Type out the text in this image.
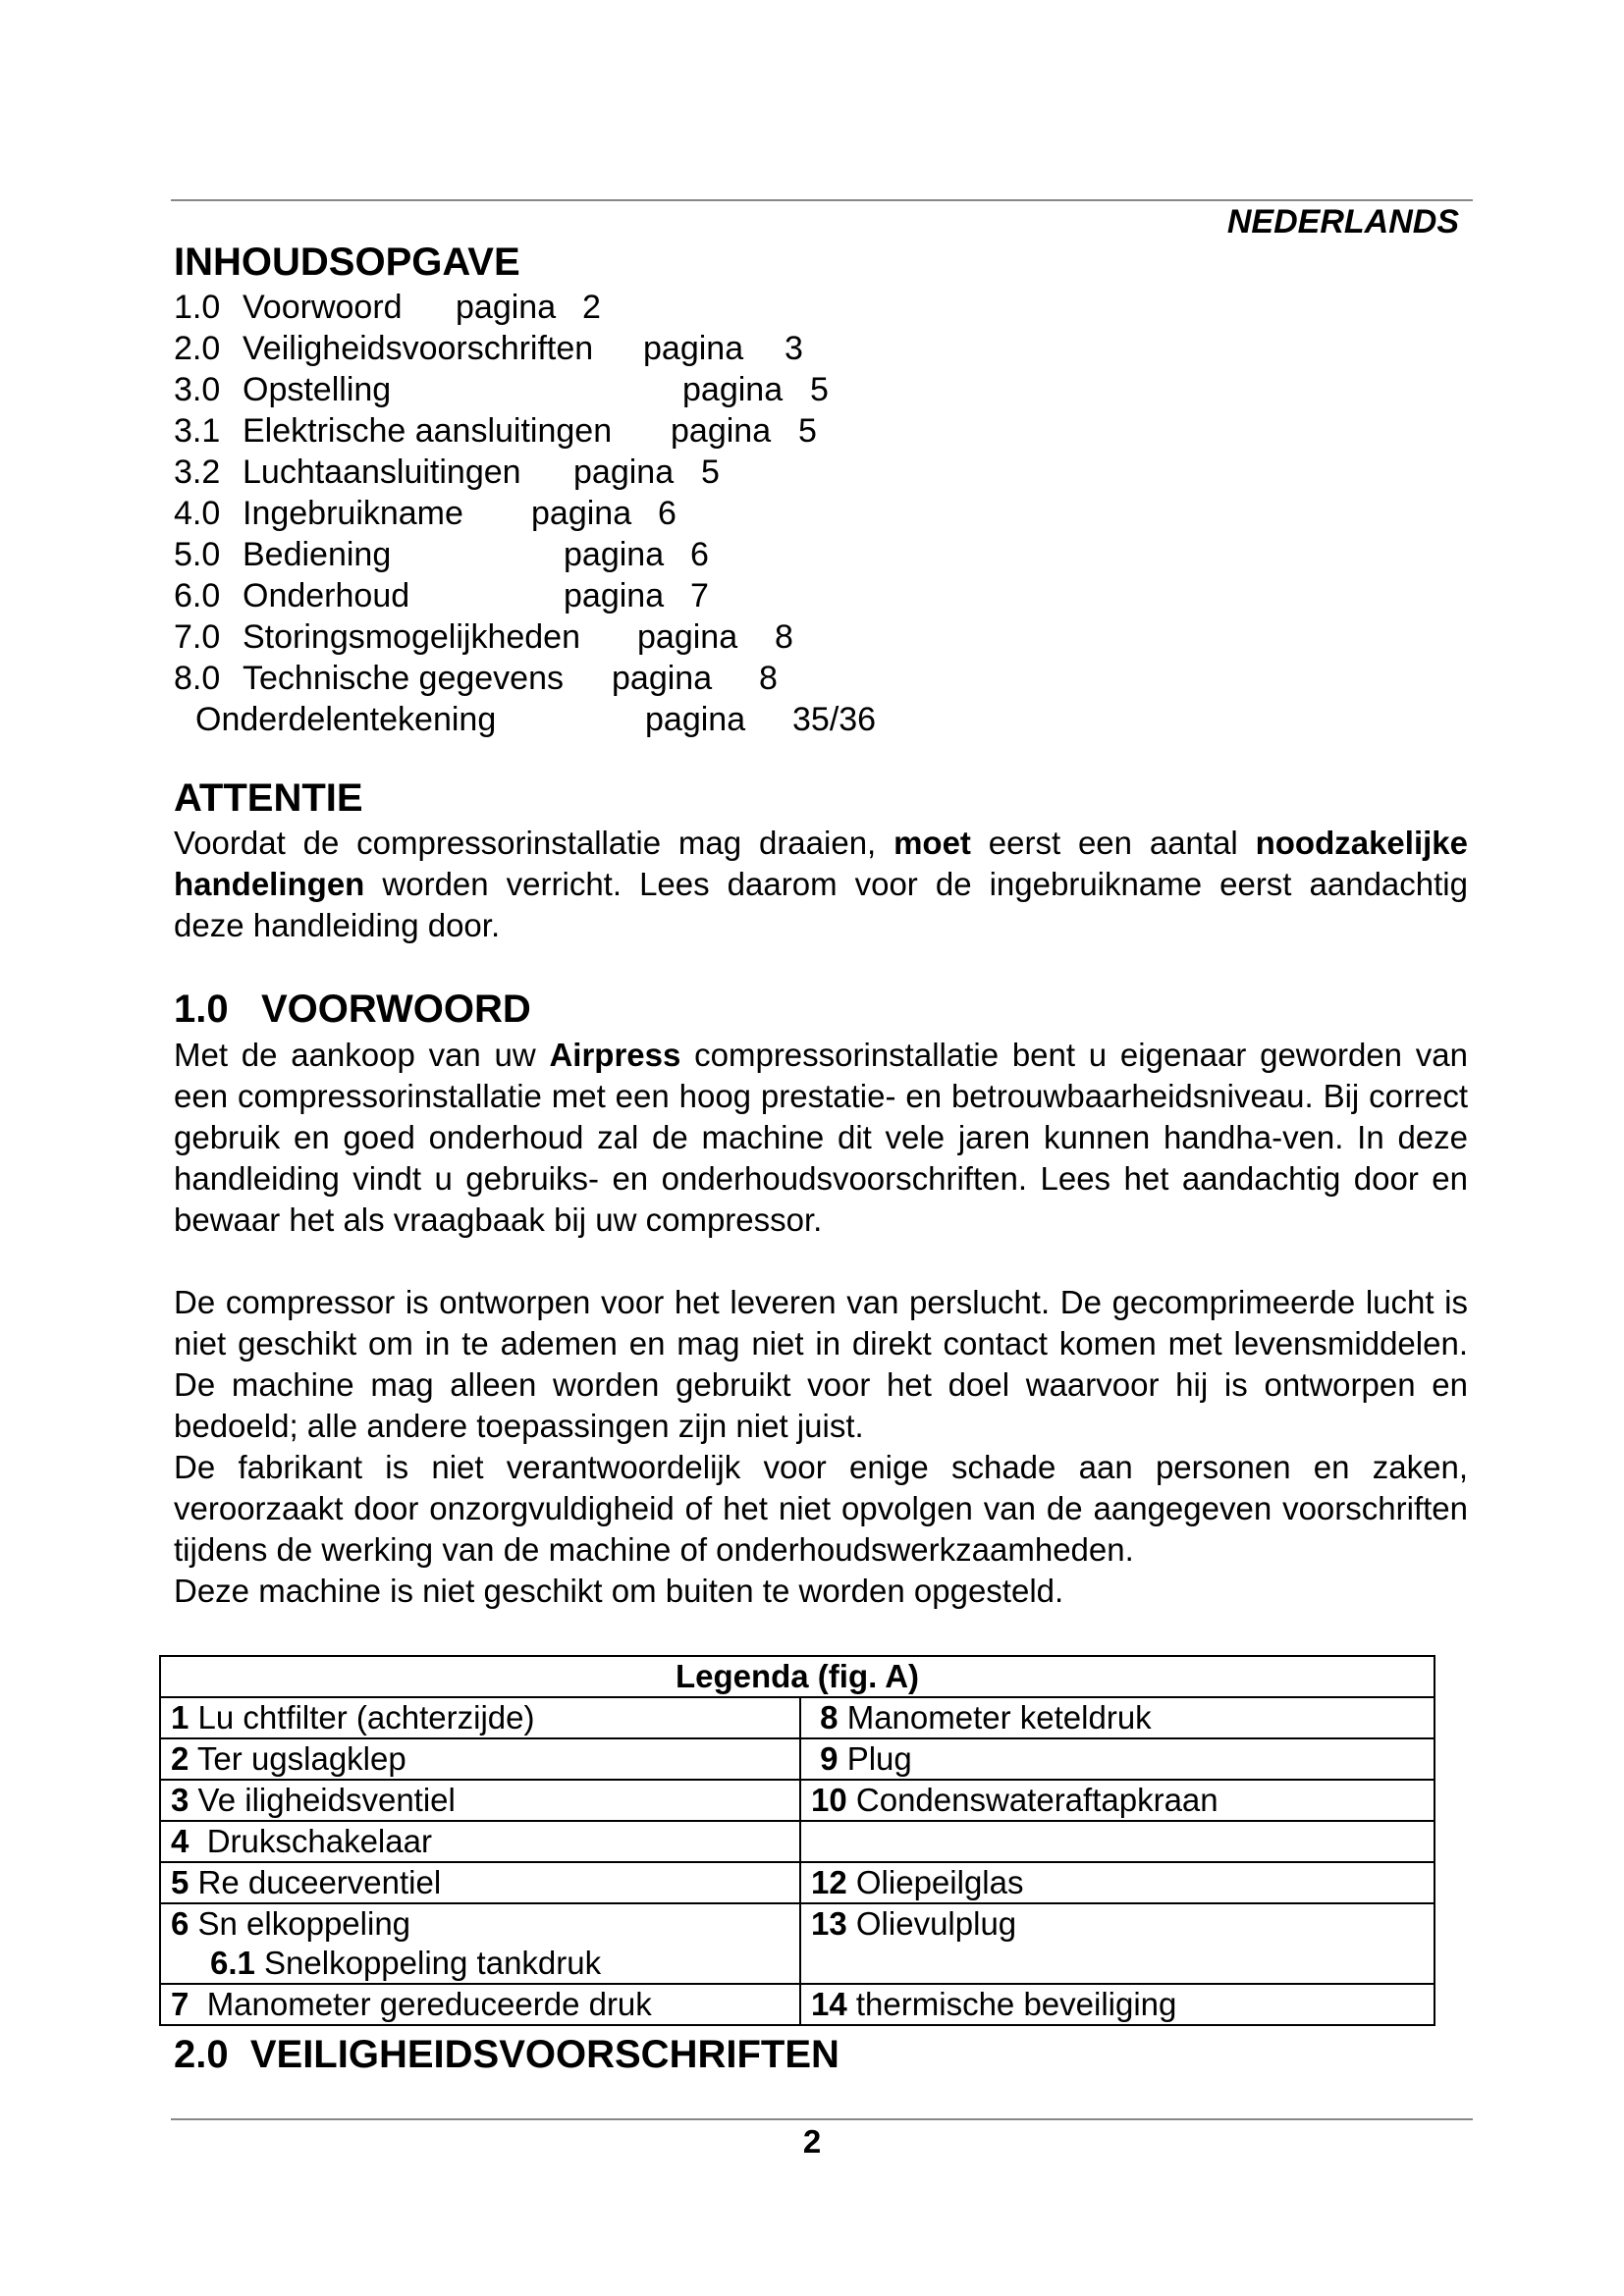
NEDERLANDS
INHOUDSOPGAVE
1.0 Voorwoord pagina 2
2.0 Veiligheidsvoorschriften pagina 3
3.0 Opstelling	pagina 5
3.1 Elektrische aansluitingen pagina 5
3.2 Luchtaansluitingen pagina 5
4.0 Ingebruikname pagina 6
5.0 Bediening	pagina 6
6.0 Onderhoud	pagina 7
7.0 Storingsmogelijkheden pagina 8
8.0 Technische gegevens pagina 8
Onderdelentekening	pagina 35/36
ATTENTIE

Voordat de compressorinstallatie mag draaien, moet eerst een aantal noodzakelijke handelingen worden verricht. Lees daarom voor de ingebruikname eerst aandachtig deze handleiding door.

1.0   VOORWOORD

Met de aankoop van uw Airpress compressorinstallatie bent u eigenaar geworden van een compressorinstallatie met een hoog prestatie- en betrouwbaarheidsniveau. Bij correct gebruik en goed onderhoud zal de machine dit vele jaren kunnen handha-ven. In deze handleiding vindt u gebruiks- en onderhoudsvoorschriften. Lees het aandachtig door en bewaar het als vraagbaak bij uw compressor.

De compressor is ontworpen voor het leveren van perslucht. De gecomprimeerde lucht is niet geschikt om in te ademen en mag niet in direkt contact komen met levensmiddelen. De machine mag alleen worden gebruikt voor het doel waarvoor hij is ontworpen en bedoeld; alle andere toepassingen zijn niet juist.

De fabrikant is niet verantwoordelijk voor enige schade aan personen en zaken, veroorzaakt door onzorgvuldigheid of het niet opvolgen van de aangegeven voorschriften tijdens de werking van de machine of onderhoudswerkzaamheden.

Deze machine is niet geschikt om buiten te worden opgesteld.

Legenda (fig. A)	
1 Lu chtfilter (achterzijde)	8 Manometer keteldruk
2 Ter ugslagklep	9 Plug
3 Ve iligheidsventiel	10 Condenswateraftapkraan
4  Drukschakelaar	
5 Re duceerventiel	12 Oliepeilglas
6 Sn elkoppeling
6.1 Snelkoppeling tankdruk	13 Olievulplug
7  Manometer gereduceerde druk	14 thermische beveiliging
2.0  VEILIGHEIDSVOORSCHRIFTEN
2
